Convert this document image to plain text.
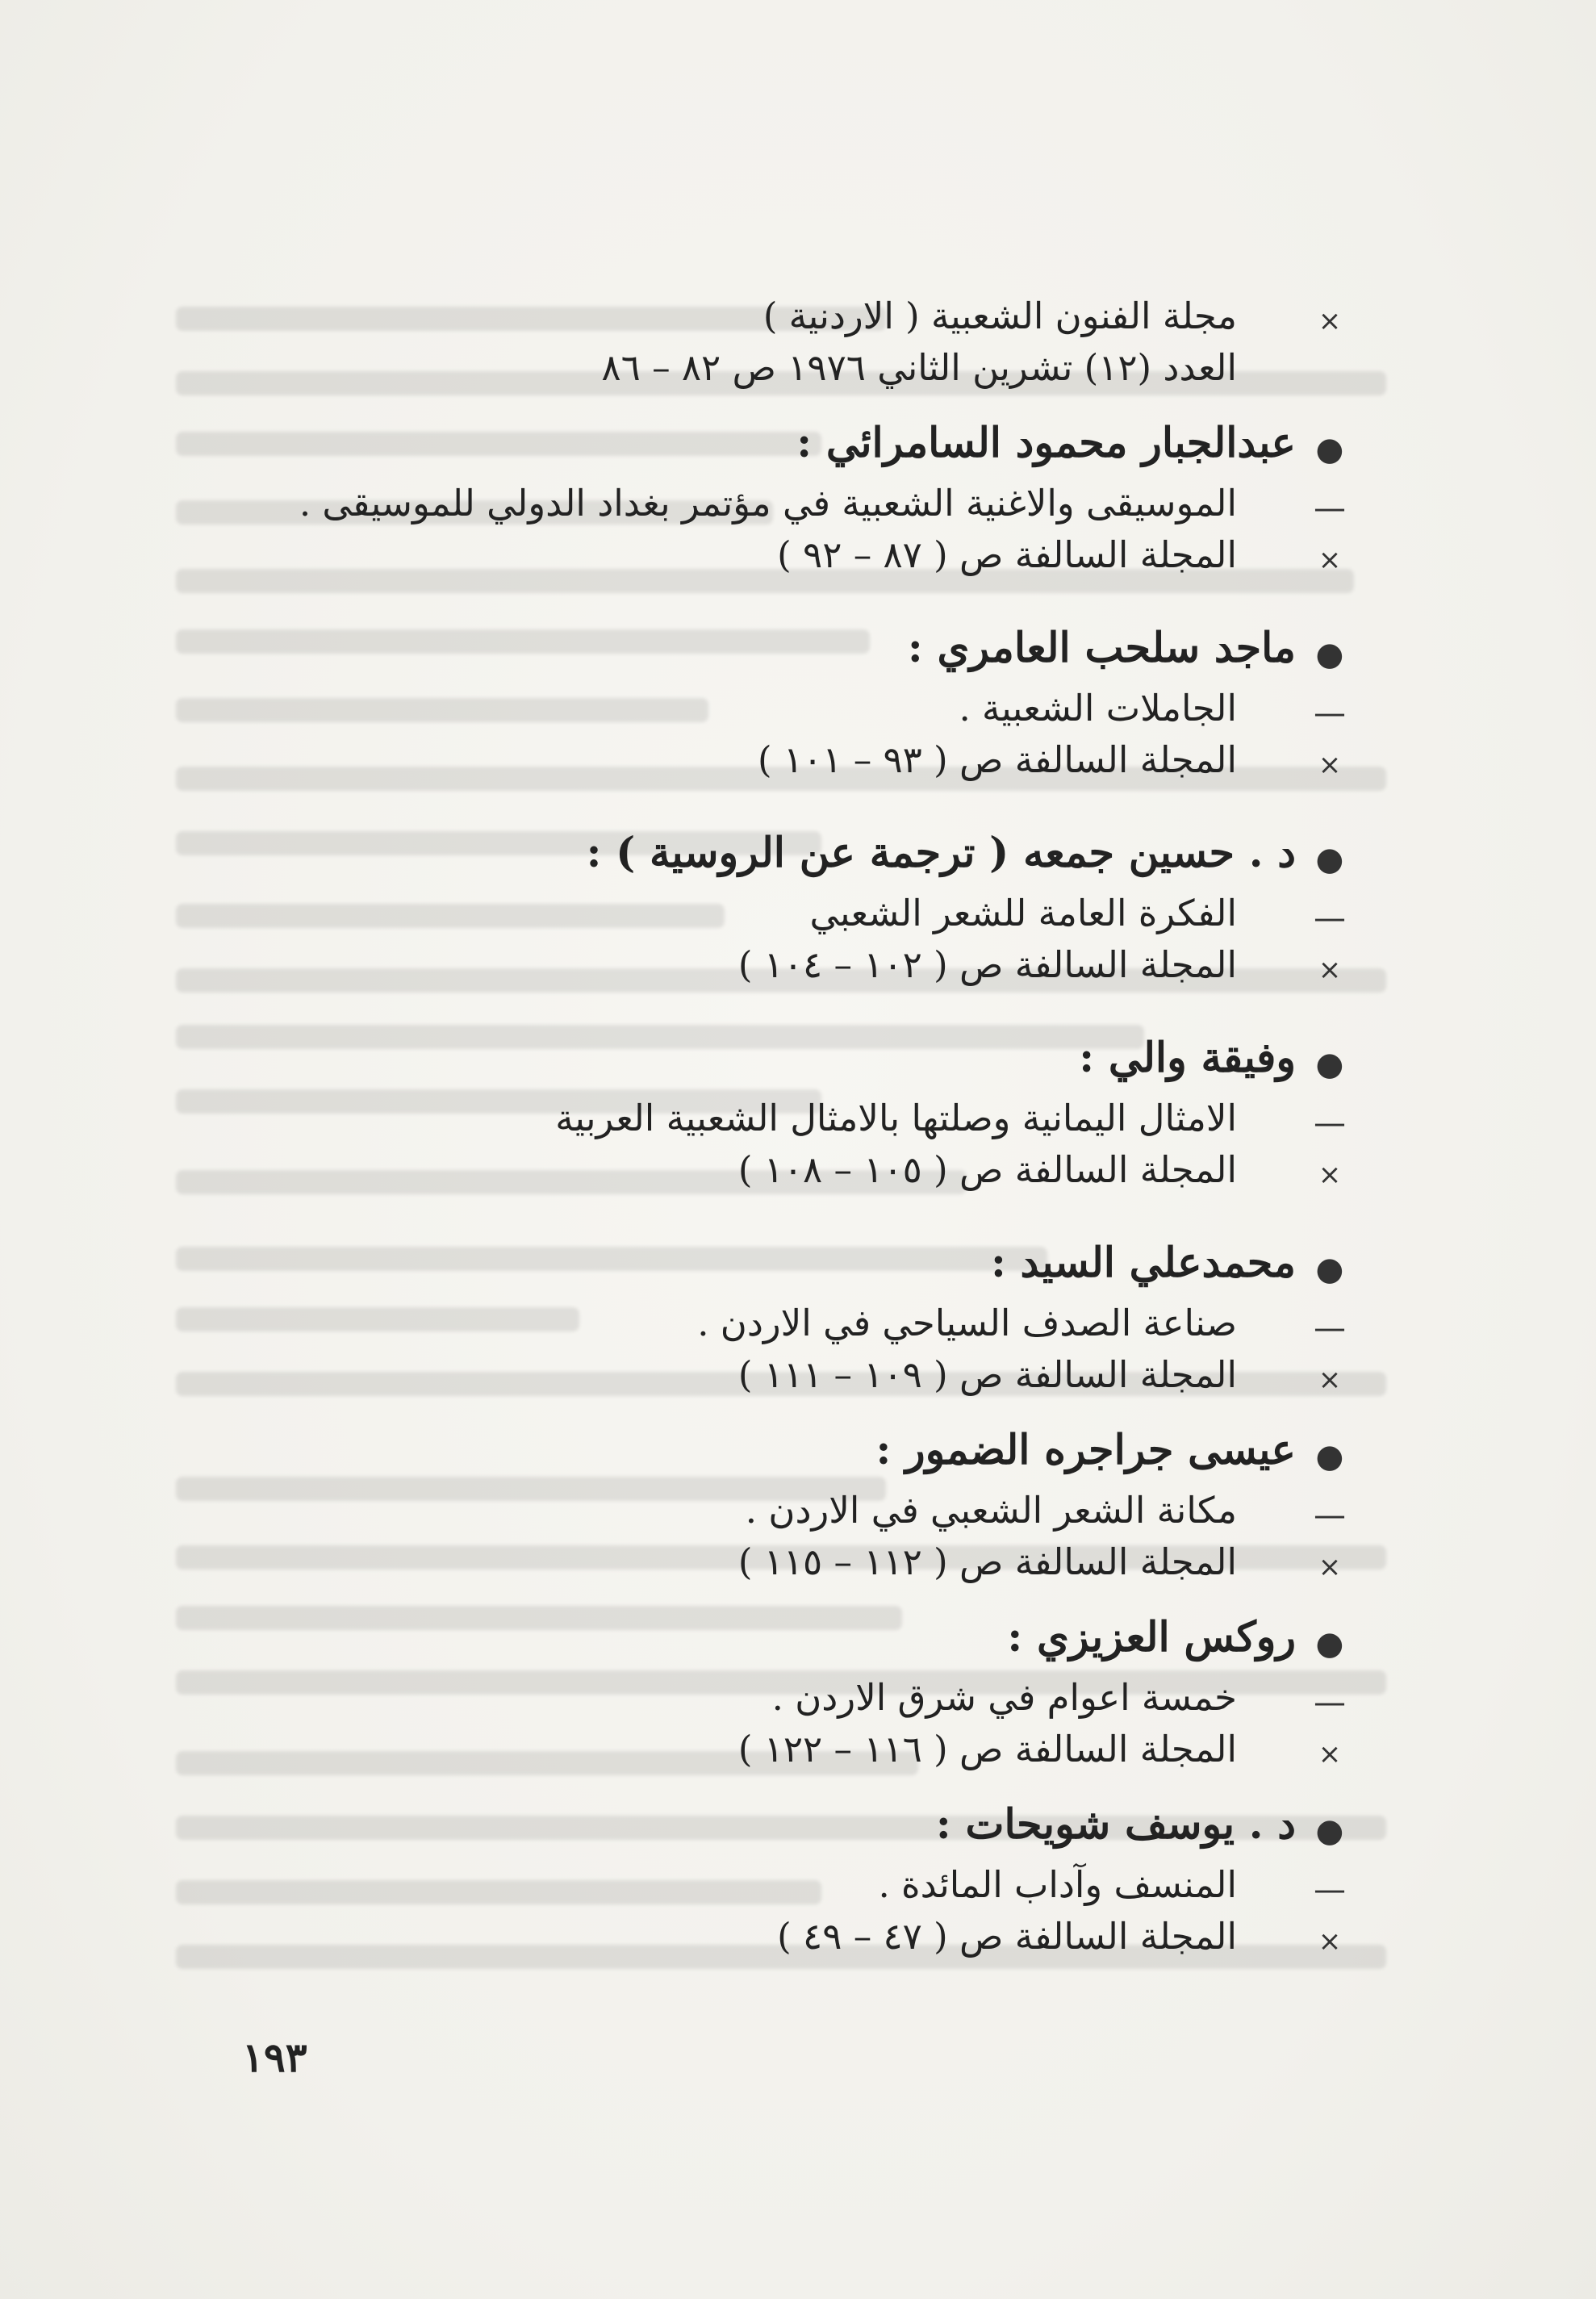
×
مجلة الفنون الشعبية ( الاردنية )
العدد (١٢) تشرين الثاني ١٩٧٦ ص ٨٢ – ٨٦
●
عبدالجبار محمود السامرائي :
—
الموسيقى والاغنية الشعبية في مؤتمر بغداد الدولي للموسيقى .
×
المجلة السالفة ص ( ٨٧ – ٩٢ )
●
ماجد سلحب العامري :
—
الجاملات الشعبية .
×
المجلة السالفة ص ( ٩٣ – ١٠١ )
●
د . حسين جمعه ( ترجمة عن الروسية ) :
—
الفكرة العامة للشعر الشعبي
×
المجلة السالفة ص ( ١٠٢ – ١٠٤ )
●
وفيقة والي :
—
الامثال اليمانية وصلتها بالامثال الشعبية العربية
×
المجلة السالفة ص ( ١٠٥ – ١٠٨ )
●
محمدعلي السيد :
—
صناعة الصدف السياحي في الاردن .
×
المجلة السالفة ص ( ١٠٩ – ١١١ )
●
عيسى جراجره الضمور :
—
مكانة الشعر الشعبي في الاردن .
×
المجلة السالفة ص ( ١١٢ – ١١٥ )
●
روكس العزيزي :
—
خمسة اعوام في شرق الاردن .
×
المجلة السالفة ص ( ١١٦ – ١٢٢ )
●
د . يوسف شويحات :
—
المنسف وآداب المائدة .
×
المجلة السالفة ص ( ٤٧ – ٤٩ )
١٩٣
